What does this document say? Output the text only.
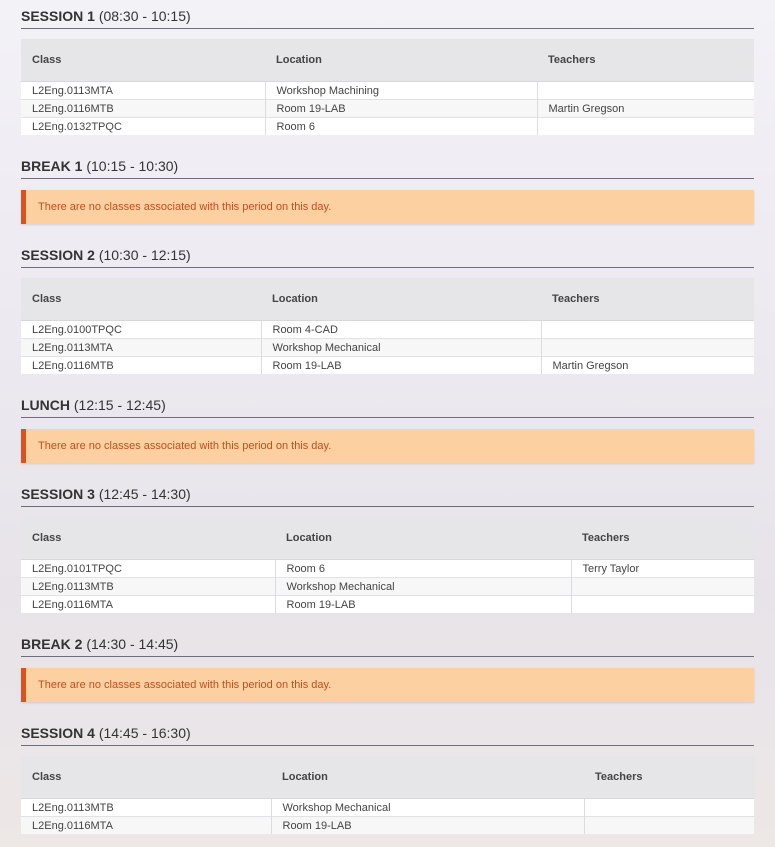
SESSION 1 (08:30 - 10:15)
Class	Location	Teachers
L2Eng.0113MTA	Workshop Machining	
L2Eng.0116MTB	Room 19-LAB	Martin Gregson
L2Eng.0132TPQC	Room 6	
BREAK 1 (10:15 - 10:30)
There are no classes associated with this period on this day.
SESSION 2 (10:30 - 12:15)
Class	Location	Teachers
L2Eng.0100TPQC	Room 4-CAD	
L2Eng.0113MTA	Workshop Mechanical	
L2Eng.0116MTB	Room 19-LAB	Martin Gregson
LUNCH (12:15 - 12:45)
There are no classes associated with this period on this day.
SESSION 3 (12:45 - 14:30)
Class	Location	Teachers
L2Eng.0101TPQC	Room 6	Terry Taylor
L2Eng.0113MTB	Workshop Mechanical	
L2Eng.0116MTA	Room 19-LAB	
BREAK 2 (14:30 - 14:45)
There are no classes associated with this period on this day.
SESSION 4 (14:45 - 16:30)
Class	Location	Teachers
L2Eng.0113MTB	Workshop Mechanical	
L2Eng.0116MTA	Room 19-LAB	
